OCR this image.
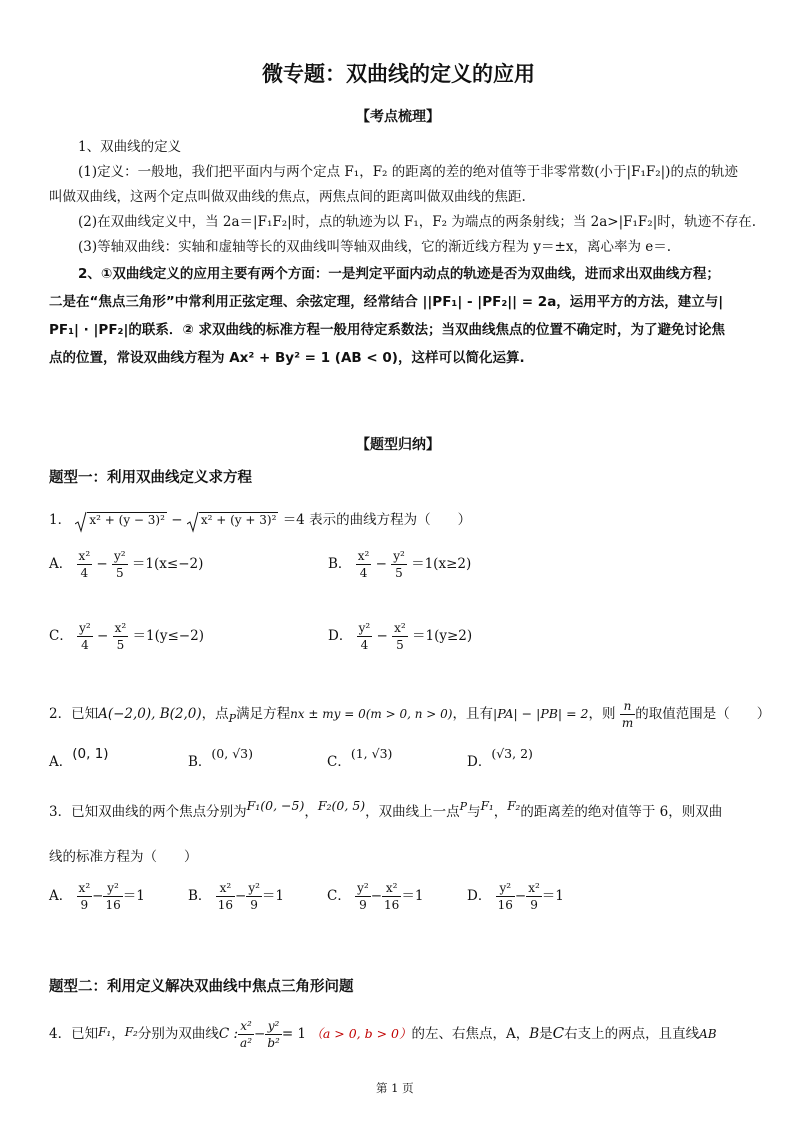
微专题：双曲线的定义的应用
【考点梳理】
1、双曲线的定义
(1)定义：一般地，我们把平面内与两个定点 F₁，F₂ 的距离的差的绝对值等于非零常数(小于|F₁F₂|)的点的轨迹
叫做双曲线，这两个定点叫做双曲线的焦点，两焦点间的距离叫做双曲线的焦距.
(2)在双曲线定义中，当 2a＝|F₁F₂|时，点的轨迹为以 F₁，F₂ 为端点的两条射线；当 2a>|F₁F₂|时，轨迹不存在.
(3)等轴双曲线：实轴和虚轴等长的双曲线叫等轴双曲线，它的渐近线方程为 y＝±x，离心率为 e＝.
2、①双曲线定义的应用主要有两个方面：一是判定平面内动点的轨迹是否为双曲线，进而求出双曲线方程；
二是在“焦点三角形”中常利用正弦定理、余弦定理，经常结合 ||PF₁| - |PF₂|| = 2a，运用平方的方法，建立与|
PF₁| · |PF₂|的联系．② 求双曲线的标准方程一般用待定系数法；当双曲线焦点的位置不确定时，为了避免讨论焦
点的位置，常设双曲线方程为 Ax² + By² = 1 (AB < 0)，这样可以简化运算.
【题型归纳】
题型一：利用双曲线定义求方程
1． x² + (y − 3)² − x² + (y + 3)² ＝4 表示的曲线方程为（　　）
A． $\frac{\text{x²}}{4} - \frac{\text{y²}}{5} =1(x\le-2)$	B． $\frac{\text{x²}}{4} - \frac{\text{y²}}{5} =1(x\ge 2)$
C． $\frac{\text{y²}}{4} - \frac{\text{x²}}{5} =1(y\le-2)$	D． $\frac{\text{y²}}{4} - \frac{\text{x²}}{5} =1(y\ge 2)$
2．已知A(−2,0), B(2,0)，点$_P$满足方程nx ± my = 0(m > 0, n > 0)，且有|PA| − |PB| = 2，则 $\frac{n}{m}$ 的取值范围是（　　）
A．(0, 1)	B．(0, √3)
C．(1, √3)
D．(√3, 2)
3．已知双曲线的两个焦点分别为F₁(0, −5)，F₂(0, 5)，双曲线上一点$^P$与F₁，F₂的距离差的绝对值等于 6，则双曲
线的标准方程为（　　）
A． $\frac{\text{x²}}{9} - \frac{\text{y²}}{16} =1$	B． $\frac{\text{x²}}{16} - \frac{\text{y²}}{9} =1$	C． $\frac{\text{y²}}{9} - \frac{\text{x²}}{16} =1$	D． $\frac{\text{y²}}{16} - \frac{\text{x²}}{9} =1$
题型二：利用定义解决双曲线中焦点三角形问题
4．已知F₁，F₂分别为双曲线C : $\frac{\text{x²}}{\text{a²}} - \frac{\text{y²}}{\text{b²}} = 1$ （a > 0, b > 0）的左、右焦点，A，B是C右支上的两点，且直线AB
第 1 页
